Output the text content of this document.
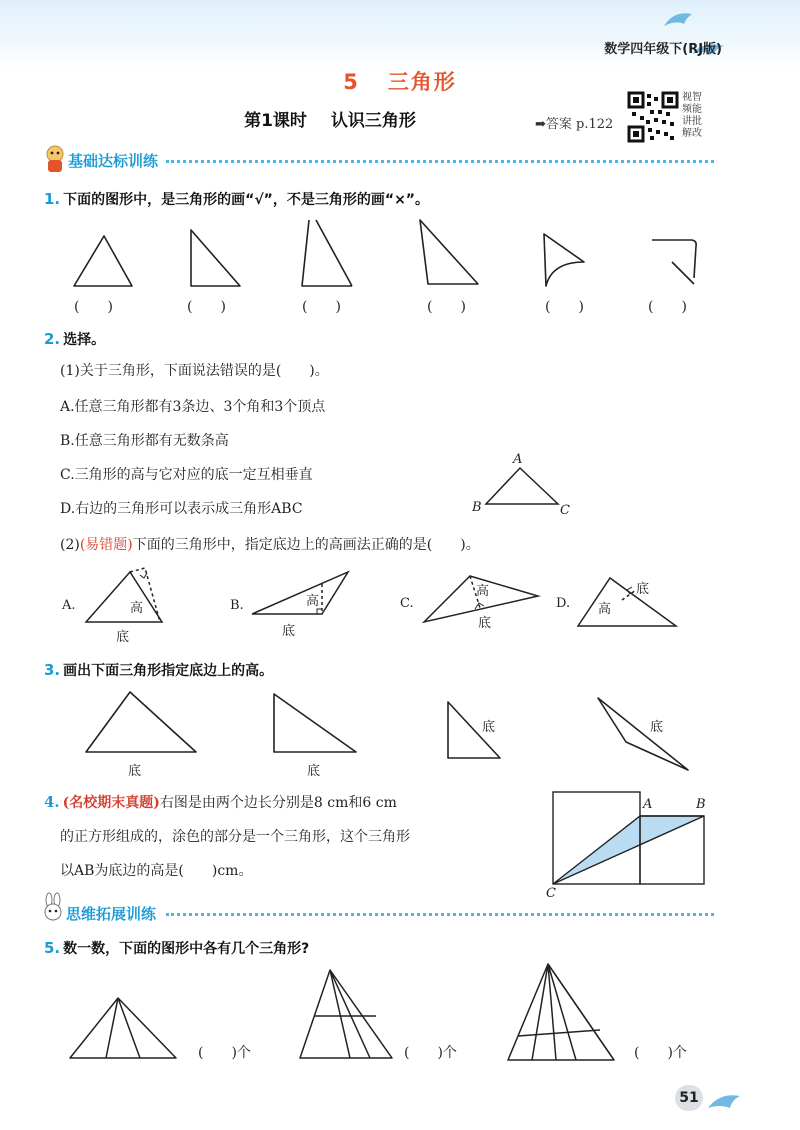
数学四年级下(RJ版)
5 三角形
第1课时 认识三角形	➡答案 p.122
视智
频能
讲批
解改
基础达标训练
1. 下面的图形中，是三角形的画“√”，不是三角形的画“×”。
(　　)	(　　)	(　　)	(　　)	(　　)	(　　)
2. 选择。
(1)关于三角形，下面说法错误的是(　　)。
A.任意三角形都有3条边、3个角和3个顶点
B.任意三角形都有无数条高
C.三角形的高与它对应的底一定互相垂直
D.右边的三角形可以表示成三角形ABC
A
B	C
(2)(易错题)下面的三角形中，指定底边上的高画法正确的是(　　)。
A.	高
底
B.	高
底
C.
高
底
D. 高
底
3. 画出下面三角形指定底边上的高。
底	底
底	底
4. (名校期末真题)右图是由两个边长分别是8 cm和6 cm
的正方形组成的，涂色的部分是一个三角形，这个三角形
以AB为底边的高是(　　)cm。
A	B
C
思维拓展训练
5. 数一数，下面的图形中各有几个三角形?
(　　)个	(　　)个	(　　)个
51
